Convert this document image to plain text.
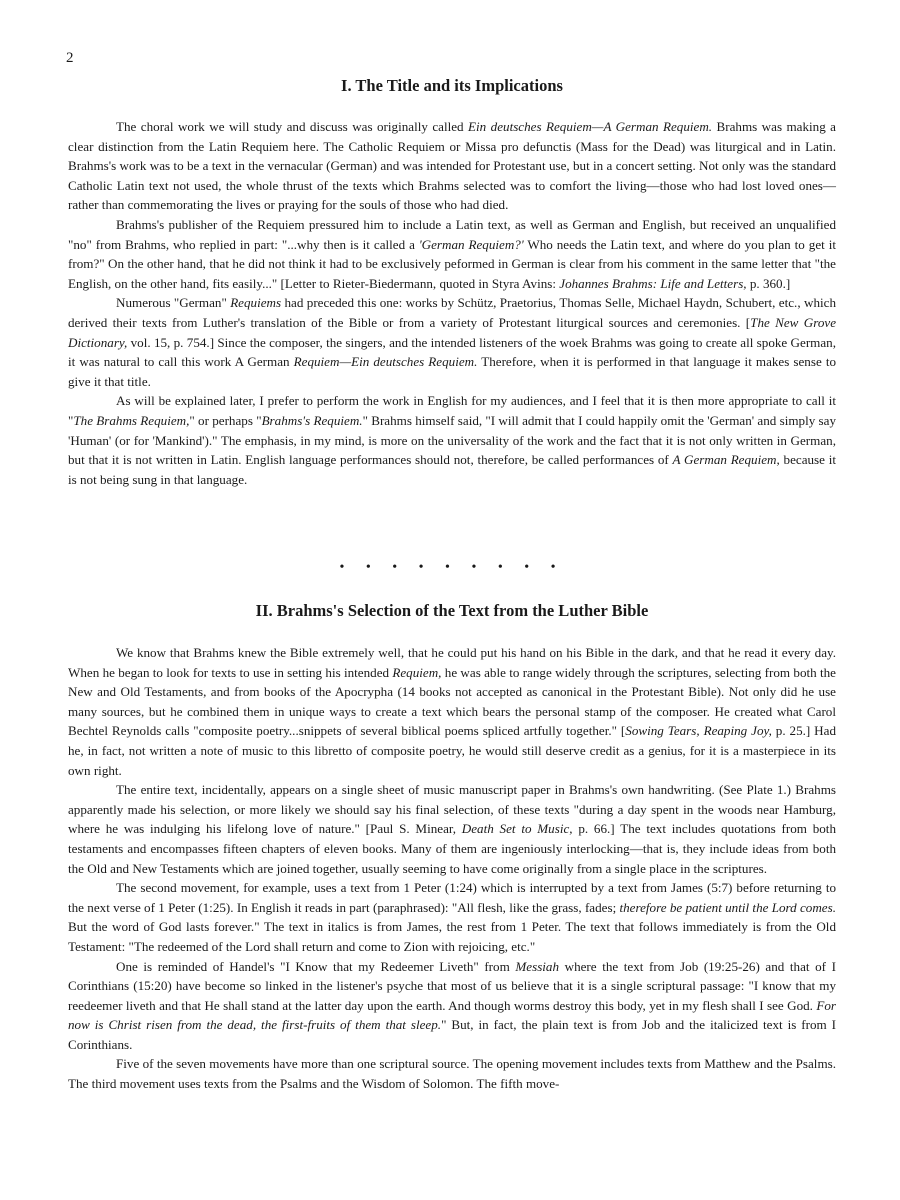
2
I. The Title and its Implications

The choral work we will study and discuss was originally called Ein deutsches Requiem—A German Requiem. Brahms was making a clear distinction from the Latin Requiem here. The Catholic Requiem or Missa pro defunctis (Mass for the Dead) was liturgical and in Latin. Brahms's work was to be a text in the vernacular (German) and was intended for Protestant use, but in a concert setting. Not only was the standard Catholic Latin text not used, the whole thrust of the texts which Brahms selected was to comfort the living—those who had lost loved ones—rather than commemorating the lives or praying for the souls of those who had died.

Brahms's publisher of the Requiem pressured him to include a Latin text, as well as German and English, but received an unqualified "no" from Brahms, who replied in part: "...why then is it called a 'German Requiem?' Who needs the Latin text, and where do you plan to get it from?" On the other hand, that he did not think it had to be exclusively peformed in German is clear from his comment in the same letter that "the English, on the other hand, fits easily..." [Letter to Rieter-Biedermann, quoted in Styra Avins: Johannes Brahms: Life and Letters, p. 360.]

Numerous "German" Requiems had preceded this one: works by Schütz, Praetorius, Thomas Selle, Michael Haydn, Schubert, etc., which derived their texts from Luther's translation of the Bible or from a variety of Protestant liturgical sources and ceremonies. [The New Grove Dictionary, vol. 15, p. 754.] Since the composer, the singers, and the intended listeners of the woek Brahms was going to create all spoke German, it was natural to call this work A German Requiem—Ein deutsches Requiem. Therefore, when it is performed in that language it makes sense to give it that title.

As will be explained later, I prefer to perform the work in English for my audiences, and I feel that it is then more appropriate to call it "The Brahms Requiem," or perhaps "Brahms's Requiem." Brahms himself said, "I will admit that I could happily omit the 'German' and simply say 'Human' (or for 'Mankind')." The emphasis, in my mind, is more on the universality of the work and the fact that it is not only written in German, but that it is not written in Latin. English language performances should not, therefore, be called performances of A German Requiem, because it is not being sung in that language.

• • • • • • • • •
II. Brahms's Selection of the Text from the Luther Bible

We know that Brahms knew the Bible extremely well, that he could put his hand on his Bible in the dark, and that he read it every day. When he began to look for texts to use in setting his intended Requiem, he was able to range widely through the scriptures, selecting from both the New and Old Testaments, and from books of the Apocrypha (14 books not accepted as canonical in the Protestant Bible). Not only did he use many sources, but he combined them in unique ways to create a text which bears the personal stamp of the composer. He created what Carol Bechtel Reynolds calls "composite poetry...snippets of several biblical poems spliced artfully together." [Sowing Tears, Reaping Joy, p. 25.] Had he, in fact, not written a note of music to this libretto of composite poetry, he would still deserve credit as a genius, for it is a masterpiece in its own right.

The entire text, incidentally, appears on a single sheet of music manuscript paper in Brahms's own handwriting. (See Plate 1.) Brahms apparently made his selection, or more likely we should say his final selection, of these texts "during a day spent in the woods near Hamburg, where he was indulging his lifelong love of nature." [Paul S. Minear, Death Set to Music, p. 66.] The text includes quotations from both testaments and encompasses fifteen chapters of eleven books. Many of them are ingeniously interlocking—that is, they include ideas from both the Old and New Testaments which are joined together, usually seeming to have come originally from a single place in the scriptures.

The second movement, for example, uses a text from 1 Peter (1:24) which is interrupted by a text from James (5:7) before returning to the next verse of 1 Peter (1:25). In English it reads in part (paraphrased): "All flesh, like the grass, fades; therefore be patient until the Lord comes. But the word of God lasts forever." The text in italics is from James, the rest from 1 Peter. The text that follows immediately is from the Old Testament: "The redeemed of the Lord shall return and come to Zion with rejoicing, etc."

One is reminded of Handel's "I Know that my Redeemer Liveth" from Messiah where the text from Job (19:25-26) and that of I Corinthians (15:20) have become so linked in the listener's psyche that most of us believe that it is a single scriptural passage: "I know that my reedeemer liveth and that He shall stand at the latter day upon the earth. And though worms destroy this body, yet in my flesh shall I see God. For now is Christ risen from the dead, the first-fruits of them that sleep." But, in fact, the plain text is from Job and the italicized text is from I Corinthians.

Five of the seven movements have more than one scriptural source. The opening movement includes texts from Matthew and the Psalms. The third movement uses texts from the Psalms and the Wisdom of Solomon. The fifth move-
